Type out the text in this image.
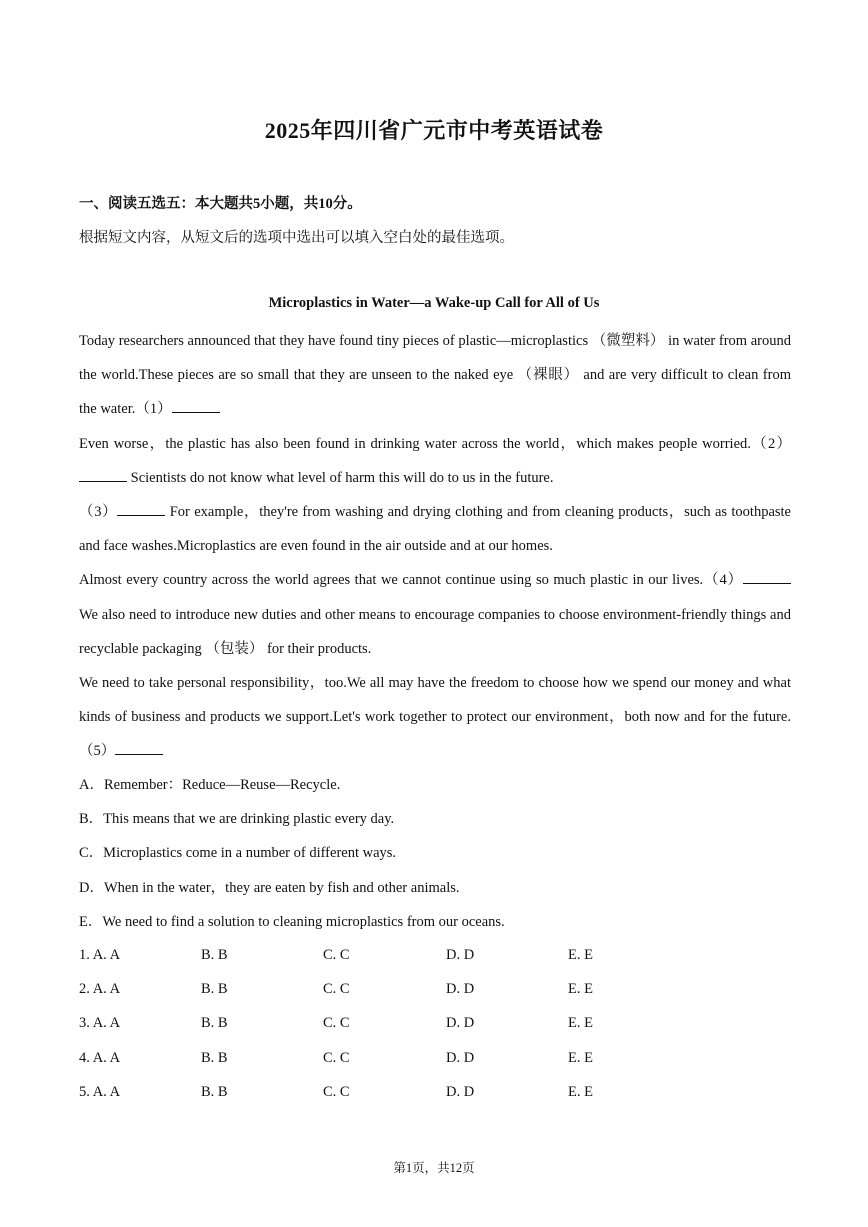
2025年四川省广元市中考英语试卷
一、阅读五选五：本大题共5小题，共10分。
根据短文内容，从短文后的选项中选出可以填入空白处的最佳选项。
Microplastics in Water—a Wake-up Call for All of Us

Today researchers announced that they have found tiny pieces of plastic—microplastics （微塑料） in water from around the world.These pieces are so small that they are unseen to the naked eye （裸眼） and are very difficult to clean from the water.（1）

Even worse，the plastic has also been found in drinking water across the world，which makes people worried.（2） Scientists do not know what level of harm this will do to us in the future.

（3）	For example，they're from washing and drying clothing and from cleaning products，such as toothpaste and face washes.Microplastics are even found in the air outside and at our homes.

Almost every country across the world agrees that we cannot continue using so much plastic in our lives.（4） We also need to introduce new duties and other means to encourage companies to choose environment-friendly things and recyclable packaging （包装） for their products.

We need to take personal responsibility，too.We all may have the freedom to choose how we spend our money and what kinds of business and products we support.Let's work together to protect our environment，both now and for the future.（5）

A．Remember：Reduce—Reuse—Recycle.
B．This means that we are drinking plastic every day.
C．Microplastics come in a number of different ways.
D．When in the water，they are eaten by fish and other animals.
E．We need to find a solution to cleaning microplastics from our oceans.
1. A. A	B. B	C. C	D. D	E. E
2. A. A	B. B	C. C	D. D	E. E
3. A. A	B. B	C. C	D. D	E. E
4. A. A	B. B	C. C	D. D	E. E
5. A. A	B. B	C. C	D. D	E. E
第1页，共12页
